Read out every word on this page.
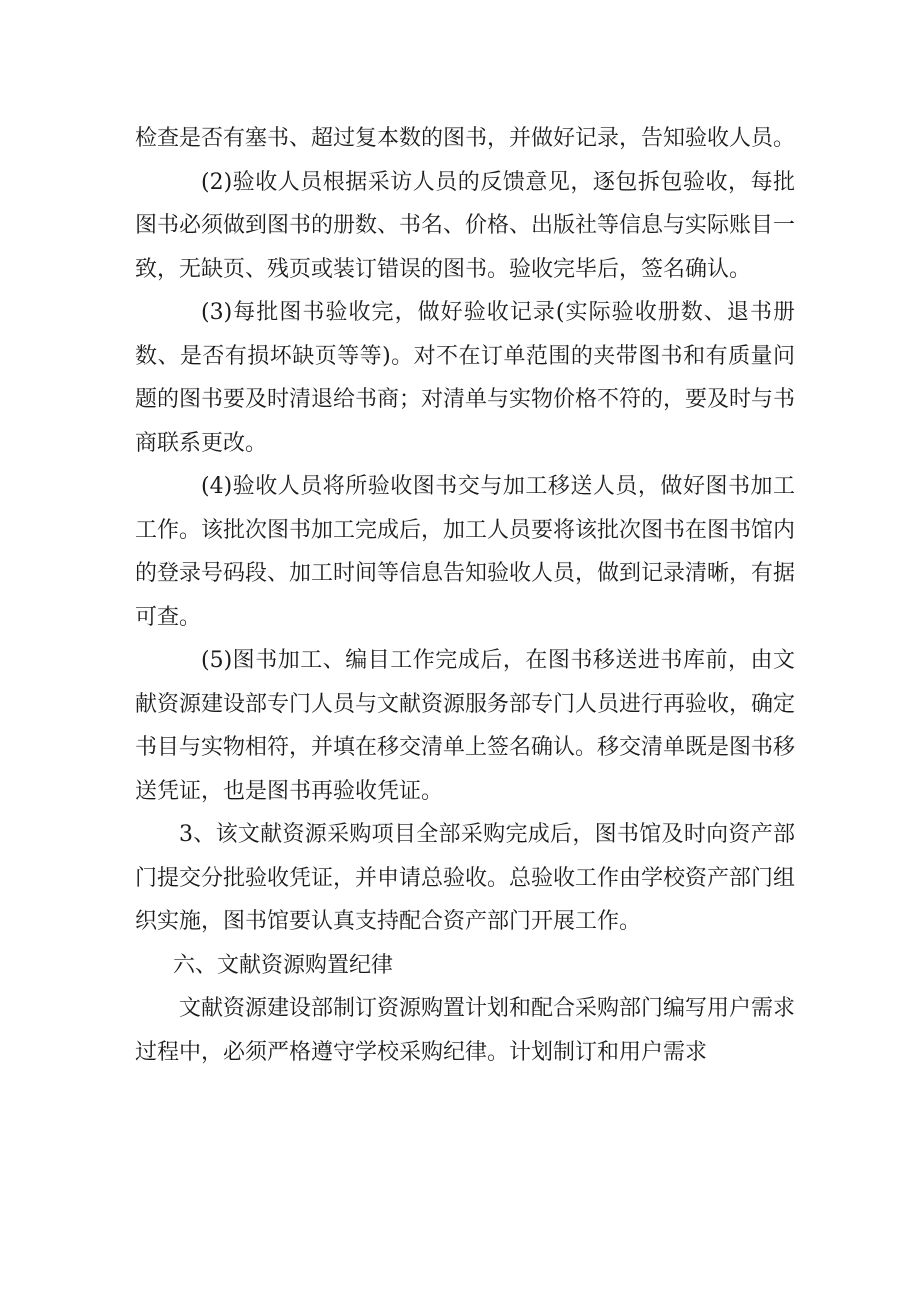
检查是否有塞书、超过复本数的图书，并做好记录，告知验收人员。

(2)验收人员根据采访人员的反馈意见，逐包拆包验收，每批图书必须做到图书的册数、书名、价格、出版社等信息与实际账目一致，无缺页、残页或装订错误的图书。验收完毕后，签名确认。

(3)每批图书验收完，做好验收记录(实际验收册数、退书册数、是否有损坏缺页等等)。对不在订单范围的夹带图书和有质量问题的图书要及时清退给书商；对清单与实物价格不符的，要及时与书商联系更改。

(4)验收人员将所验收图书交与加工移送人员，做好图书加工工作。该批次图书加工完成后，加工人员要将该批次图书在图书馆内的登录号码段、加工时间等信息告知验收人员，做到记录清晰，有据可查。

(5)图书加工、编目工作完成后，在图书移送进书库前，由文献资源建设部专门人员与文献资源服务部专门人员进行再验收，确定书目与实物相符，并填在移交清单上签名确认。移交清单既是图书移送凭证，也是图书再验收凭证。

3、该文献资源采购项目全部采购完成后，图书馆及时向资产部门提交分批验收凭证，并申请总验收。总验收工作由学校资产部门组织实施，图书馆要认真支持配合资产部门开展工作。

六、文献资源购置纪律

文献资源建设部制订资源购置计划和配合采购部门编写用户需求过程中，必须严格遵守学校采购纪律。计划制订和用户需求
